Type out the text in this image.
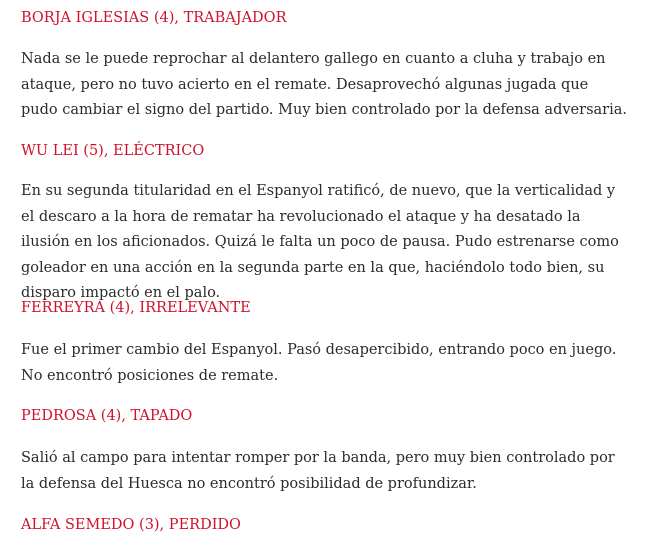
BORJA IGLESIAS (4), TRABAJADOR

Nada se le puede reprochar al delantero gallego en cuanto a cluha y trabajo en ataque, pero no tuvo acierto en el remate. Desaprovechó algunas jugada que pudo cambiar el signo del partido. Muy bien controlado por la defensa adversaria.

WU LEI (5), ELÉCTRICO

En su segunda titularidad en el Espanyol ratificó, de nuevo, que la verticalidad y el descaro a la hora de rematar ha revolucionado el ataque y ha desatado la ilusión en los aficionados. Quizá le falta un poco de pausa. Pudo estrenarse como goleador en una acción en la segunda parte en la que, haciéndolo todo bien, su disparo impactó en el palo.

FERREYRA (4), IRRELEVANTE

Fue el primer cambio del Espanyol. Pasó desapercibido, entrando poco en juego. No encontró posiciones de remate.

PEDROSA (4), TAPADO

Salió al campo para intentar romper por la banda, pero muy bien controlado por la defensa del Huesca no encontró posibilidad de profundizar.

ALFA SEMEDO (3), PERDIDO
